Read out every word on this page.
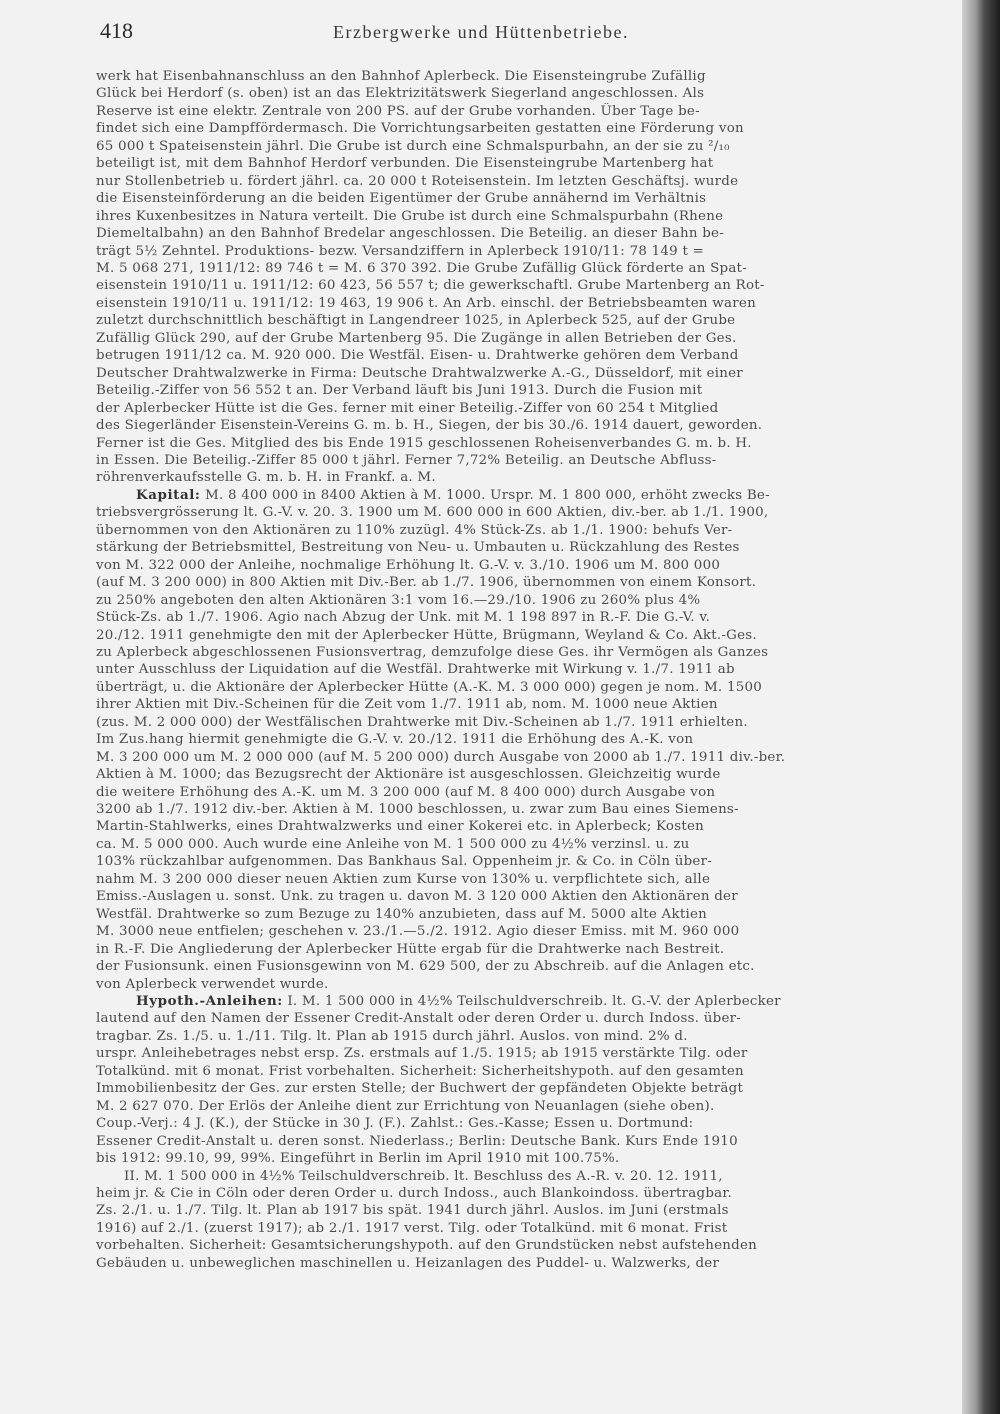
418	Erzbergwerke und Hüttenbetriebe.
werk hat Eisenbahnanschluss an den Bahnhof Aplerbeck. Die Eisensteingrube Zufällig
Glück bei Herdorf (s. oben) ist an das Elektrizitätswerk Siegerland angeschlossen. Als
Reserve ist eine elektr. Zentrale von 200 PS. auf der Grube vorhanden. Über Tage be-
findet sich eine Dampffördermasch. Die Vorrichtungsarbeiten gestatten eine Förderung von
65 000 t Spateisenstein jährl. Die Grube ist durch eine Schmalspurbahn, an der sie zu ²/₁₀
beteiligt ist, mit dem Bahnhof Herdorf verbunden. Die Eisensteingrube Martenberg hat
nur Stollenbetrieb u. fördert jährl. ca. 20 000 t Roteisenstein. Im letzten Geschäftsj. wurde
die Eisensteinförderung an die beiden Eigentümer der Grube annähernd im Verhältnis
ihres Kuxenbesitzes in Natura verteilt. Die Grube ist durch eine Schmalspurbahn (Rhene
Diemeltalbahn) an den Bahnhof Bredelar angeschlossen. Die Beteilig. an dieser Bahn be-
trägt 5½ Zehntel. Produktions- bezw. Versandziffern in Aplerbeck 1910/11: 78 149 t =
M. 5 068 271, 1911/12: 89 746 t = M. 6 370 392. Die Grube Zufällig Glück förderte an Spat-
eisenstein 1910/11 u. 1911/12: 60 423, 56 557 t; die gewerkschaftl. Grube Martenberg an Rot-
eisenstein 1910/11 u. 1911/12: 19 463, 19 906 t. An Arb. einschl. der Betriebsbeamten waren
zuletzt durchschnittlich beschäftigt in Langendreer 1025, in Aplerbeck 525, auf der Grube
Zufällig Glück 290, auf der Grube Martenberg 95. Die Zugänge in allen Betrieben der Ges.
betrugen 1911/12 ca. M. 920 000. Die Westfäl. Eisen- u. Drahtwerke gehören dem Verband
Deutscher Drahtwalzwerke in Firma: Deutsche Drahtwalzwerke A.-G., Düsseldorf, mit einer
Beteilig.-Ziffer von 56 552 t an. Der Verband läuft bis Juni 1913. Durch die Fusion mit
der Aplerbecker Hütte ist die Ges. ferner mit einer Beteilig.-Ziffer von 60 254 t Mitglied
des Siegerländer Eisenstein-Vereins G. m. b. H., Siegen, der bis 30./6. 1914 dauert, geworden.
Ferner ist die Ges. Mitglied des bis Ende 1915 geschlossenen Roheisenverbandes G. m. b. H.
in Essen. Die Beteilig.-Ziffer 85 000 t jährl. Ferner 7,72% Beteilig. an Deutsche Abfluss-
röhrenverkaufsstelle G. m. b. H. in Frankf. a. M.
Kapital: M. 8 400 000 in 8400 Aktien à M. 1000. Urspr. M. 1 800 000, erhöht zwecks Be-
triebsvergrösserung lt. G.-V. v. 20. 3. 1900 um M. 600 000 in 600 Aktien, div.-ber. ab 1./1. 1900,
übernommen von den Aktionären zu 110% zuzügl. 4% Stück-Zs. ab 1./1. 1900: behufs Ver-
stärkung der Betriebsmittel, Bestreitung von Neu- u. Umbauten u. Rückzahlung des Restes
von M. 322 000 der Anleihe, nochmalige Erhöhung lt. G.-V. v. 3./10. 1906 um M. 800 000
(auf M. 3 200 000) in 800 Aktien mit Div.-Ber. ab 1./7. 1906, übernommen von einem Konsort.
zu 250% angeboten den alten Aktionären 3:1 vom 16.—29./10. 1906 zu 260% plus 4%
Stück-Zs. ab 1./7. 1906. Agio nach Abzug der Unk. mit M. 1 198 897 in R.-F. Die G.-V. v.
20./12. 1911 genehmigte den mit der Aplerbecker Hütte, Brügmann, Weyland & Co. Akt.-Ges.
zu Aplerbeck abgeschlossenen Fusionsvertrag, demzufolge diese Ges. ihr Vermögen als Ganzes
unter Ausschluss der Liquidation auf die Westfäl. Drahtwerke mit Wirkung v. 1./7. 1911 ab
überträgt, u. die Aktionäre der Aplerbecker Hütte (A.-K. M. 3 000 000) gegen je nom. M. 1500
ihrer Aktien mit Div.-Scheinen für die Zeit vom 1./7. 1911 ab, nom. M. 1000 neue Aktien
(zus. M. 2 000 000) der Westfälischen Drahtwerke mit Div.-Scheinen ab 1./7. 1911 erhielten.
Im Zus.hang hiermit genehmigte die G.-V. v. 20./12. 1911 die Erhöhung des A.-K. von
M. 3 200 000 um M. 2 000 000 (auf M. 5 200 000) durch Ausgabe von 2000 ab 1./7. 1911 div.-ber.
Aktien à M. 1000; das Bezugsrecht der Aktionäre ist ausgeschlossen. Gleichzeitig wurde
die weitere Erhöhung des A.-K. um M. 3 200 000 (auf M. 8 400 000) durch Ausgabe von
3200 ab 1./7. 1912 div.-ber. Aktien à M. 1000 beschlossen, u. zwar zum Bau eines Siemens-
Martin-Stahlwerks, eines Drahtwalzwerks und einer Kokerei etc. in Aplerbeck; Kosten
ca. M. 5 000 000. Auch wurde eine Anleihe von M. 1 500 000 zu 4½% verzinsl. u. zu
103% rückzahlbar aufgenommen. Das Bankhaus Sal. Oppenheim jr. & Co. in Cöln über-
nahm M. 3 200 000 dieser neuen Aktien zum Kurse von 130% u. verpflichtete sich, alle
Emiss.-Auslagen u. sonst. Unk. zu tragen u. davon M. 3 120 000 Aktien den Aktionären der
Westfäl. Drahtwerke so zum Bezuge zu 140% anzubieten, dass auf M. 5000 alte Aktien
M. 3000 neue entfielen; geschehen v. 23./1.—5./2. 1912. Agio dieser Emiss. mit M. 960 000
in R.-F. Die Angliederung der Aplerbecker Hütte ergab für die Drahtwerke nach Bestreit.
der Fusionsunk. einen Fusionsgewinn von M. 629 500, der zu Abschreib. auf die Anlagen etc.
von Aplerbeck verwendet wurde.
Hypoth.-Anleihen: I. M. 1 500 000 in 4½% Teilschuldverschreib. lt. G.-V. der Aplerbecker
lautend auf den Namen der Essener Credit-Anstalt oder deren Order u. durch Indoss. über-
tragbar. Zs. 1./5. u. 1./11. Tilg. lt. Plan ab 1915 durch jährl. Auslos. von mind. 2% d.
urspr. Anleihebetrages nebst ersp. Zs. erstmals auf 1./5. 1915; ab 1915 verstärkte Tilg. oder
Totalkünd. mit 6 monat. Frist vorbehalten. Sicherheit: Sicherheitshypoth. auf den gesamten
Immobilienbesitz der Ges. zur ersten Stelle; der Buchwert der gepfändeten Objekte beträgt
M. 2 627 070. Der Erlös der Anleihe dient zur Errichtung von Neuanlagen (siehe oben).
Coup.-Verj.: 4 J. (K.), der Stücke in 30 J. (F.). Zahlst.: Ges.-Kasse; Essen u. Dortmund:
Essener Credit-Anstalt u. deren sonst. Niederlass.; Berlin: Deutsche Bank. Kurs Ende 1910
bis 1912: 99.10, 99, 99%. Eingeführt in Berlin im April 1910 mit 100.75%.
II. M. 1 500 000 in 4½% Teilschuldverschreib. lt. Beschluss des A.-R. v. 20. 12. 1911,
heim jr. & Cie in Cöln oder deren Order u. durch Indoss., auch Blankoindoss. übertragbar.
Zs. 2./1. u. 1./7. Tilg. lt. Plan ab 1917 bis spät. 1941 durch jährl. Auslos. im Juni (erstmals
1916) auf 2./1. (zuerst 1917); ab 2./1. 1917 verst. Tilg. oder Totalkünd. mit 6 monat. Frist
vorbehalten. Sicherheit: Gesamtsicherungshypoth. auf den Grundstücken nebst aufstehenden
Gebäuden u. unbeweglichen maschinellen u. Heizanlagen des Puddel- u. Walzwerks, der
